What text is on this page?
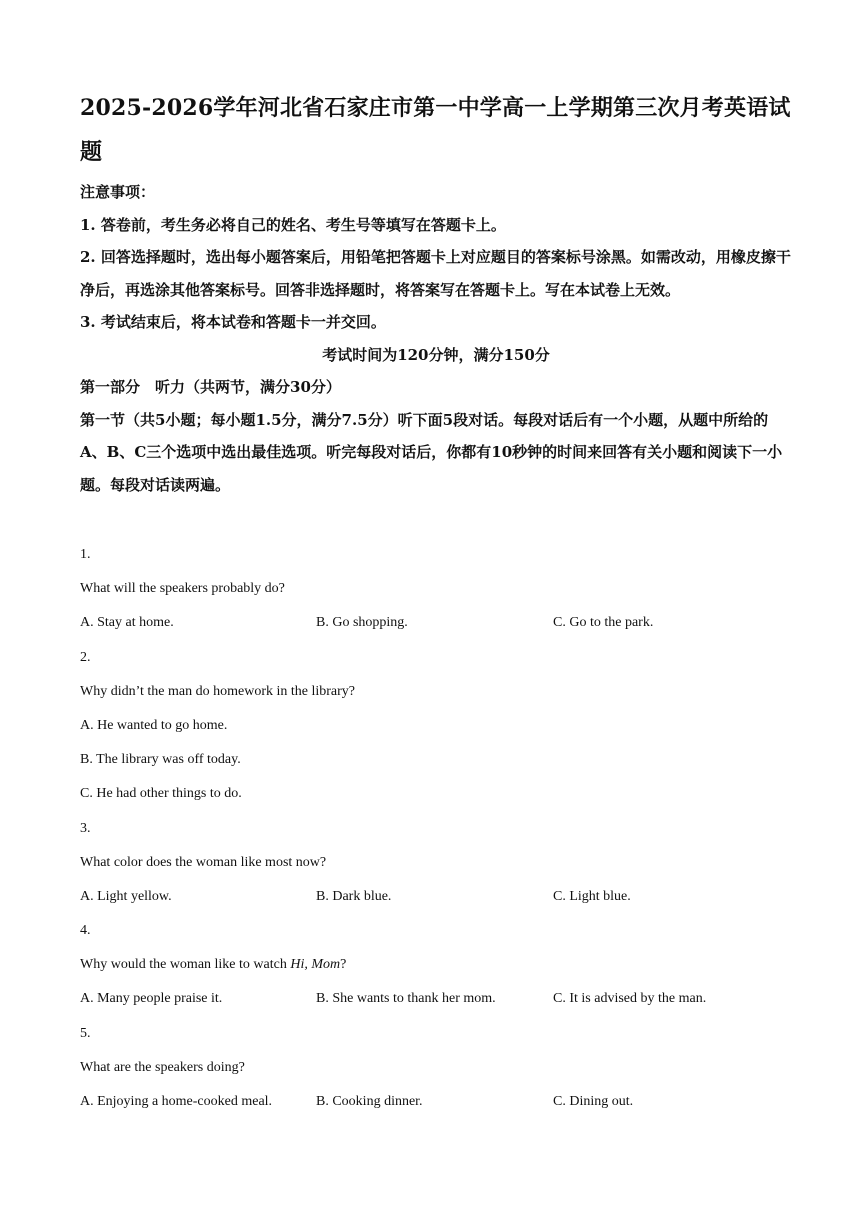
2025-2026学年河北省石家庄市第一中学高一上学期第三次月考英语试题

注意事项：

1. 答卷前，考生务必将自己的姓名、考生号等填写在答题卡上。

2. 回答选择题时，选出每小题答案后，用铅笔把答题卡上对应题目的答案标号涂黑。如需改动，用橡皮擦干净后，再选涂其他答案标号。回答非选择题时，将答案写在答题卡上。写在本试卷上无效。

3. 考试结束后，将本试卷和答题卡一并交回。

考试时间为120分钟，满分150分

第一部分　听力（共两节，满分30分）

第一节（共5小题；每小题1.5分，满分7.5分）听下面5段对话。每段对话后有一个小题，从题中所给的 A、B、C三个选项中选出最佳选项。听完每段对话后，你都有10秒钟的时间来回答有关小题和阅读下一小题。每段对话读两遍。

1.

What will the speakers probably do?

A. Stay at home.	B. Go shopping.	C. Go to the park.

2.

Why didn’t the man do homework in the library?

A. He wanted to go home.

B. The library was off today.

C. He had other things to do.

3.

What color does the woman like most now?

A. Light yellow.	B. Dark blue.	C. Light blue.

4.

Why would the woman like to watch Hi, Mom?

A. Many people praise it.	B. She wants to thank her mom.	C. It is advised by the man.

5.

What are the speakers doing?

A. Enjoying a home-cooked meal.	B. Cooking dinner.	C. Dining out.
